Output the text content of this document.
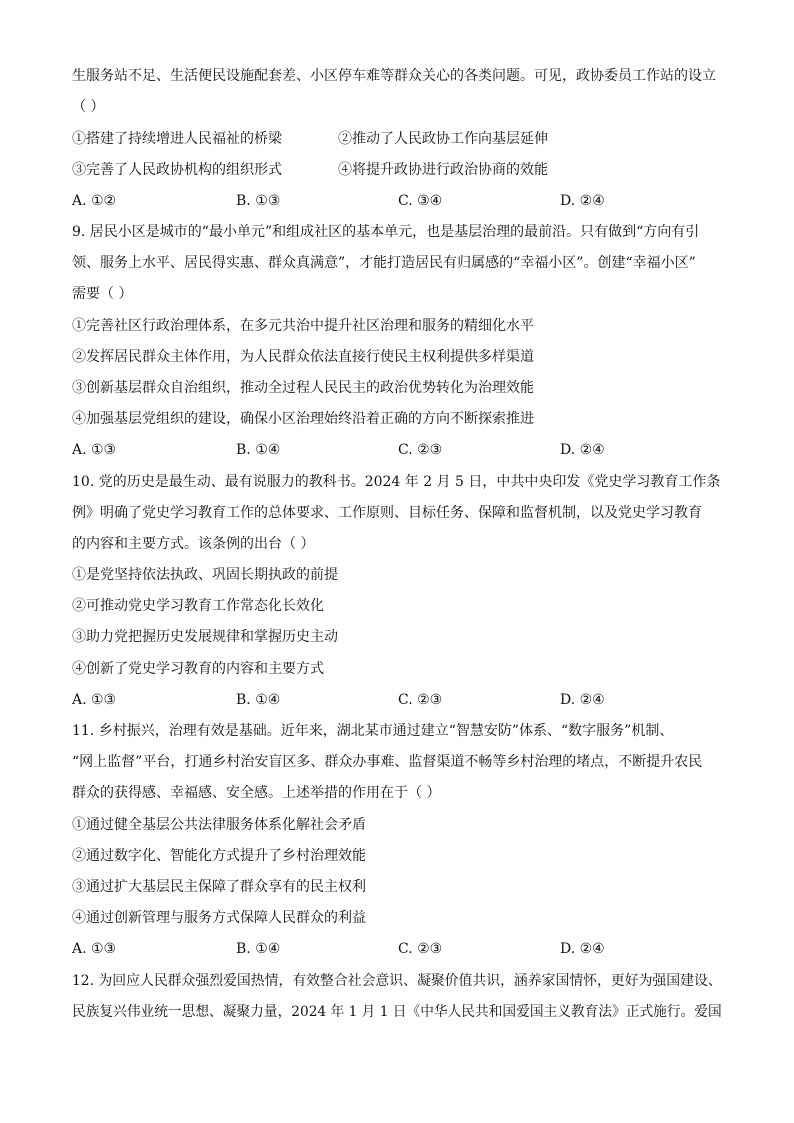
生服务站不足、生活便民设施配套差、小区停车难等群众关心的各类问题。可见，政协委员工作站的设立
（ ）
①搭建了持续增进人民福祉的桥梁	②推动了人民政协工作向基层延伸
③完善了人民政协机构的组织形式	④将提升政协进行政治协商的效能
A. ①②	B. ①③	C. ③④	D. ②④
9. 居民小区是城市的“最小单元”和组成社区的基本单元，也是基层治理的最前沿。只有做到“方向有引
领、服务上水平、居民得实惠、群众真满意”，才能打造居民有归属感的“幸福小区”。创建“幸福小区”
需要（ ）
①完善社区行政治理体系，在多元共治中提升社区治理和服务的精细化水平
②发挥居民群众主体作用，为人民群众依法直接行使民主权利提供多样渠道
③创新基层群众自治组织，推动全过程人民民主的政治优势转化为治理效能
④加强基层党组织的建设，确保小区治理始终沿着正确的方向不断探索推进
A. ①③	B. ①④	C. ②③	D. ②④
10. 党的历史是最生动、最有说服力的教科书。2024 年 2 月 5 日，中共中央印发《党史学习教育工作条
例》明确了党史学习教育工作的总体要求、工作原则、目标任务、保障和监督机制，以及党史学习教育
的内容和主要方式。该条例的出台（ ）
①是党坚持依法执政、巩固长期执政的前提
②可推动党史学习教育工作常态化长效化
③助力党把握历史发展规律和掌握历史主动
④创新了党史学习教育的内容和主要方式
A. ①③	B. ①④	C. ②③	D. ②④
11. 乡村振兴，治理有效是基础。近年来，湖北某市通过建立“智慧安防”体系、“数字服务”机制、
“网上监督”平台，打通乡村治安盲区多、群众办事难、监督渠道不畅等乡村治理的堵点，不断提升农民
群众的获得感、幸福感、安全感。上述举措的作用在于（ ）
①通过健全基层公共法律服务体系化解社会矛盾
②通过数字化、智能化方式提升了乡村治理效能
③通过扩大基层民主保障了群众享有的民主权利
④通过创新管理与服务方式保障人民群众的利益
A. ①③	B. ①④	C. ②③	D. ②④
12. 为回应人民群众强烈爱国热情，有效整合社会意识、凝聚价值共识，涵养家国情怀，更好为强国建设、
民族复兴伟业统一思想、凝聚力量，2024 年 1 月 1 日《中华人民共和国爱国主义教育法》正式施行。爱国
